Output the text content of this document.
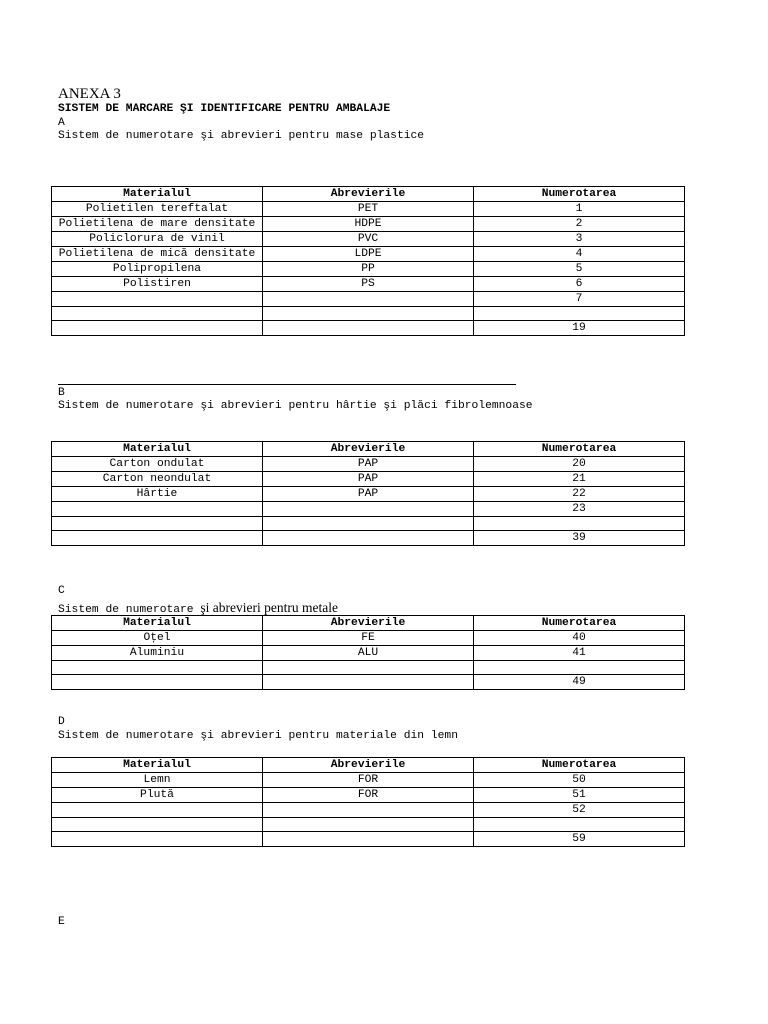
ANEXA 3
SISTEM DE MARCARE ŞI IDENTIFICARE PENTRU AMBALAJE
A
Sistem de numerotare şi abrevieri pentru mase plastice
Materialul	Abrevierile	Numerotarea
Polietilen tereftalat	PET	1
Polietilena de mare densitate	HDPE	2
Policlorura de vinil	PVC	3
Polietilena de mică densitate	LDPE	4
Polipropilena	PP	5
Polistiren	PS	6
		7

		19
B
Sistem de numerotare şi abrevieri pentru hârtie şi plăci fibrolemnoase
Materialul	Abrevierile	Numerotarea
Carton ondulat	PAP	20
Carton neondulat	PAP	21
Hârtie	PAP	22
		23

		39
C
Sistem de numerotare şi abrevieri pentru metale
Materialul	Abrevierile	Numerotarea
Oţel	FE	40
Aluminiu	ALU	41

		49
D
Sistem de numerotare şi abrevieri pentru materiale din lemn
Materialul	Abrevierile	Numerotarea
Lemn	FOR	50
Plută	FOR	51
		52

		59
E
